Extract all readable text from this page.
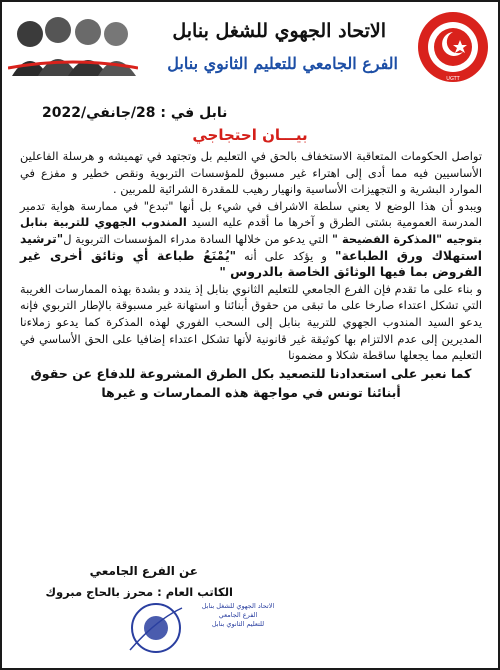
الاتحاد الجهوي للشغل بنابل
الفرع الجامعي للتعليم الثانوي بنابل
UGTT
نابل في : 28/جانفي/2022
بيـــان احتجاجي

تواصل الحكومات المتعاقبة الاستخفاف بالحق في التعليم بل وتجتهد في تهميشه و هرسلة الفاعلين الأساسيين فيه مما أدى إلى اهتراء غير مسبوق للمؤسسات التربوية ونقص خطير و مفزع في الموارد البشرية و التجهيزات الأساسية وانهيار رهيب للمقدرة الشرائية للمربين .

ويبدو أن هذا الوضع لا يعني سلطة الاشراف في شيء بل أنها "تبدع" في ممارسة هواية تدمير المدرسة العمومية بشتى الطرق و آخرها ما أقدم عليه السيد المندوب الجهوي للتربية بنابل بتوجيه "المذكرة الفضيحة " التي يدعو من خلالها السادة مدراء المؤسسات التربوية ل"ترشيد استهلاك ورق الطباعة" و يؤكد على أنه "يُمْنَعُ طباعة أي وثائق أخرى غير الفروض بما فيها الوثائق الخاصة بالدروس "

و بناء على ما تقدم فإن الفرع الجامعي للتعليم الثانوي بنابل إذ يندد و بشدة بهذه الممارسات الغريبة التي تشكل اعتداء صارخا على ما تبقى من حقوق أبنائنا و استهانة غير مسبوقة بالإطار التربوي فإنه يدعو السيد المندوب الجهوي للتربية بنابل إلى السحب الفوري لهذه المذكرة كما يدعو زملاءنا المديرين إلى عدم الالتزام بها كوثيقة غير قانونية لأنها تشكل اعتداء إضافيا على الحق الأساسي في التعليم مما يجعلها ساقطة شكلا و مضمونا

كما نعبر على استعدادنا للتصعيد بكل الطرق المشروعة للدفاع عن حقوق أبنائنا تونس في مواجهة هذه الممارسات و غيرها

عن الفرع الجامعي
الكاتب العام : محرز بالحاج مبروك
الاتحاد الجهوي للشغل بنابل
الفرع الجامعي
للتعليم الثانوي بنابل
